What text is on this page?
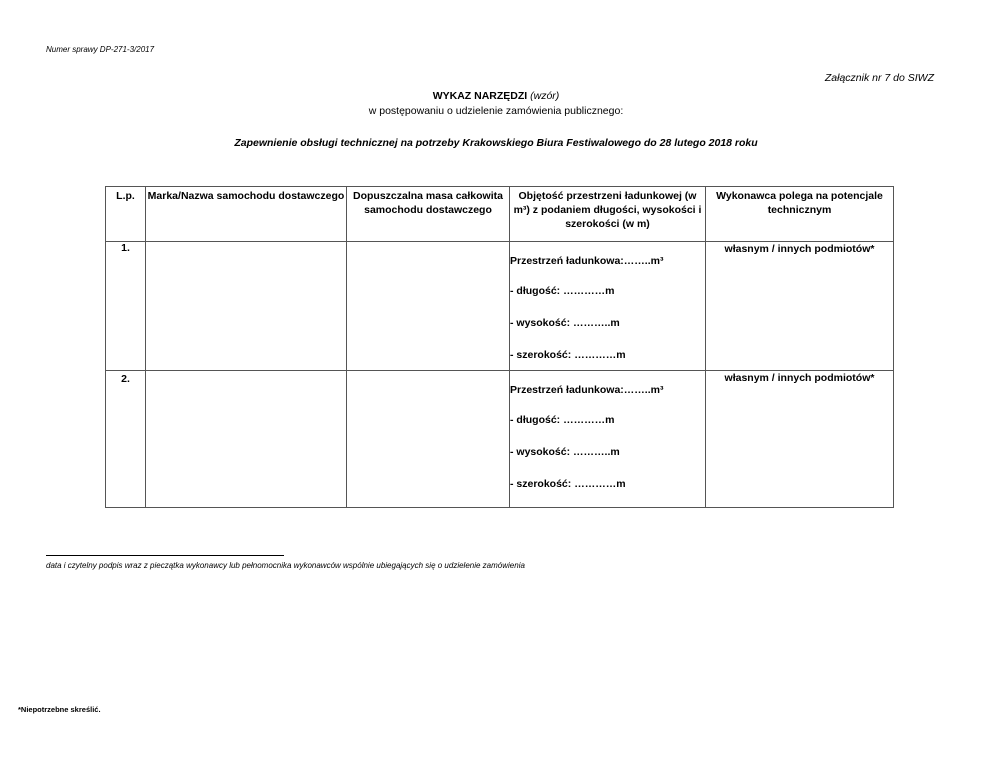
Numer sprawy DP-271-3/2017
Załącznik nr 7 do SIWZ
WYKAZ NARZĘDZI (wzór)
w postępowaniu o udzielenie zamówienia publicznego:
Zapewnienie obsługi technicznej na potrzeby Krakowskiego Biura Festiwalowego do 28 lutego 2018 roku
L.p.	Marka/Nazwa samochodu dostawczego	Dopuszczalna masa całkowita samochodu dostawczego	Objętość przestrzeni ładunkowej (w m³) z podaniem długości, wysokości i szerokości (w m)	Wykonawca polega na potencjale technicznym
1.			Przestrzeń ładunkowa:……..m³
- długość: …………m
- wysokość: ………..m
- szerokość: …………m	własnym / innych podmiotów*
2.			Przestrzeń ładunkowa:……..m³
- długość: …………m
- wysokość: ………..m
- szerokość: …………m	własnym / innych podmiotów*
data i czytelny podpis wraz z pieczątka wykonawcy lub pełnomocnika wykonawców wspólnie ubiegających się o udzielenie zamówienia
*Niepotrzebne skreślić.
